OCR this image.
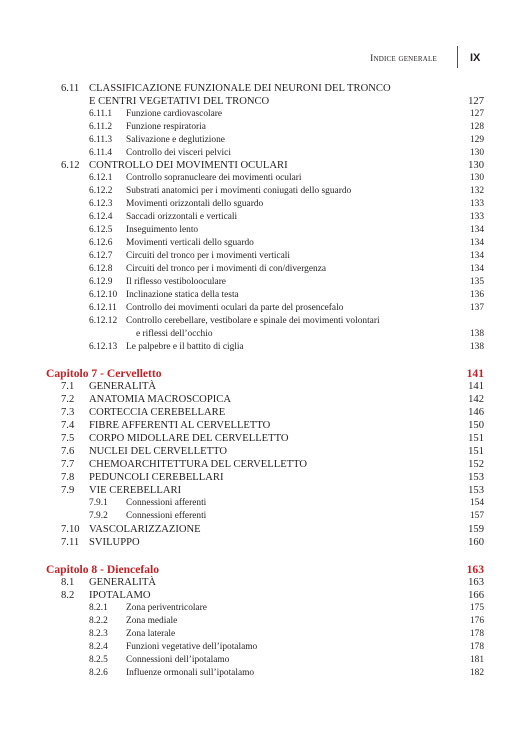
Indice generale	IX
6.11 CLASSIFICAZIONE FUNZIONALE DEI NEURONI DEL TRONCO
E CENTRI VEGETATIVI DEL TRONCO	127
6.11.1 Funzione cardiovascolare	127
6.11.2 Funzione respiratoria	128
6.11.3 Salivazione e deglutizione	129
6.11.4 Controllo dei visceri pelvici	130
6.12 CONTROLLO DEI MOVIMENTI OCULARI	130
6.12.1 Controllo sopranucleare dei movimenti oculari	130
6.12.2 Substrati anatomici per i movimenti coniugati dello sguardo	132
6.12.3 Movimenti orizzontali dello sguardo	133
6.12.4 Saccadi orizzontali e verticali	133
6.12.5 Inseguimento lento	134
6.12.6 Movimenti verticali dello sguardo	134
6.12.7 Circuiti del tronco per i movimenti verticali	134
6.12.8 Circuiti del tronco per i movimenti di con/divergenza	134
6.12.9 Il riflesso vestibolooculare	135
6.12.10 Inclinazione statica della testa	136
6.12.11 Controllo dei movimenti oculari da parte del prosencefalo	137
6.12.12 Controllo cerebellare, vestibolare e spinale dei movimenti volontari
e riflessi dell’occhio	138
6.12.13 Le palpebre e il battito di ciglia	138
Capitolo 7 - Cervelletto	141
7.1 GENERALITÀ	141
7.2 ANATOMIA MACROSCOPICA	142
7.3 CORTECCIA CEREBELLARE	146
7.4 FIBRE AFFERENTI AL CERVELLETTO	150
7.5 CORPO MIDOLLARE DEL CERVELLETTO	151
7.6 NUCLEI DEL CERVELLETTO	151
7.7 CHEMOARCHITETTURA DEL CERVELLETTO	152
7.8 PEDUNCOLI CEREBELLARI	153
7.9 VIE CEREBELLARI	153
7.9.1 Connessioni afferenti	154
7.9.2 Connessioni efferenti	157
7.10 VASCOLARIZZAZIONE	159
7.11 SVILUPPO	160
Capitolo 8 - Diencefalo	163
8.1 GENERALITÀ	163
8.2 IPOTALAMO	166
8.2.1 Zona periventricolare	175
8.2.2 Zona mediale	176
8.2.3 Zona laterale	178
8.2.4 Funzioni vegetative dell’ipotalamo	178
8.2.5 Connessioni dell’ipotalamo	181
8.2.6 Influenze ormonali sull’ipotalamo	182
